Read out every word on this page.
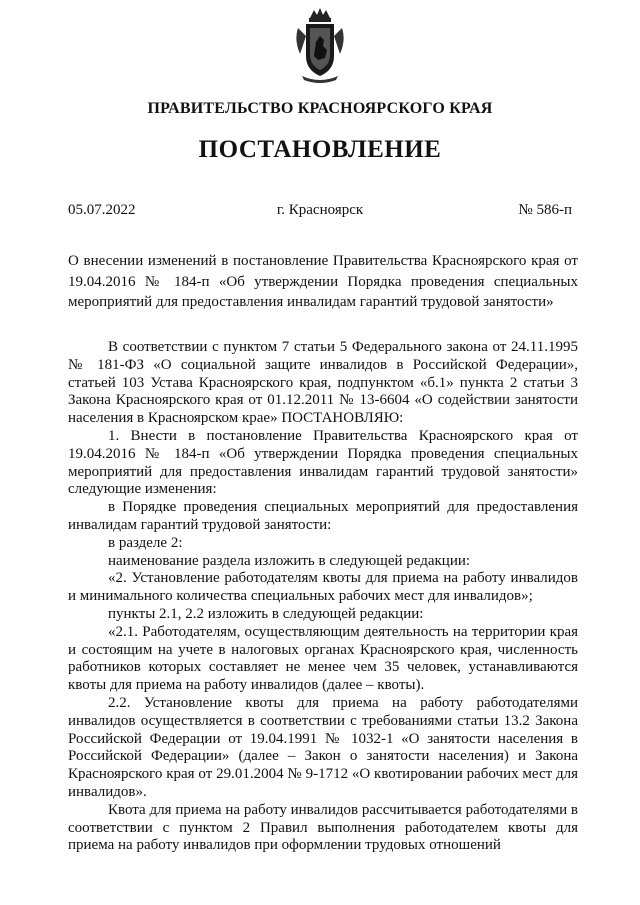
ПРАВИТЕЛЬСТВО КРАСНОЯРСКОГО КРАЯ
ПОСТАНОВЛЕНИЕ
г. Красноярск
05.07.2022	№ 586-п
О внесении изменений в постановление Правительства Красноярского края от 19.04.2016 № 184-п «Об утверждении Порядка проведения специальных мероприятий для предоставления инвалидам гарантий трудовой занятости»

В соответствии с пунктом 7 статьи 5 Федерального закона от 24.11.1995 № 181-ФЗ «О социальной защите инвалидов в Российской Федерации», статьей 103 Устава Красноярского края, подпунктом «б.1» пункта 2 статьи 3 Закона Красноярского края от 01.12.2011 № 13-6604 «О содействии занятости населения в Красноярском крае» ПОСТАНОВЛЯЮ:

1. Внести в постановление Правительства Красноярского края от 19.04.2016 № 184-п «Об утверждении Порядка проведения специальных мероприятий для предоставления инвалидам гарантий трудовой занятости» следующие изменения:

в Порядке проведения специальных мероприятий для предоставления инвалидам гарантий трудовой занятости:

в разделе 2:

наименование раздела изложить в следующей редакции:

«2. Установление работодателям квоты для приема на работу инвалидов и минимального количества специальных рабочих мест для инвалидов»;

пункты 2.1, 2.2 изложить в следующей редакции:

«2.1. Работодателям, осуществляющим деятельность на территории края и состоящим на учете в налоговых органах Красноярского края, численность работников которых составляет не менее чем 35 человек, устанавливаются квоты для приема на работу инвалидов (далее – квоты).

2.2. Установление квоты для приема на работу работодателями инвалидов осуществляется в соответствии с требованиями статьи 13.2 Закона Российской Федерации от 19.04.1991 № 1032-1 «О занятости населения в Российской Федерации» (далее – Закон о занятости населения) и Закона Красноярского края от 29.01.2004 № 9-1712 «О квотировании рабочих мест для инвалидов».

Квота для приема на работу инвалидов рассчитывается работодателями в соответствии с пунктом 2 Правил выполнения работодателем квоты для приема на работу инвалидов при оформлении трудовых отношений
